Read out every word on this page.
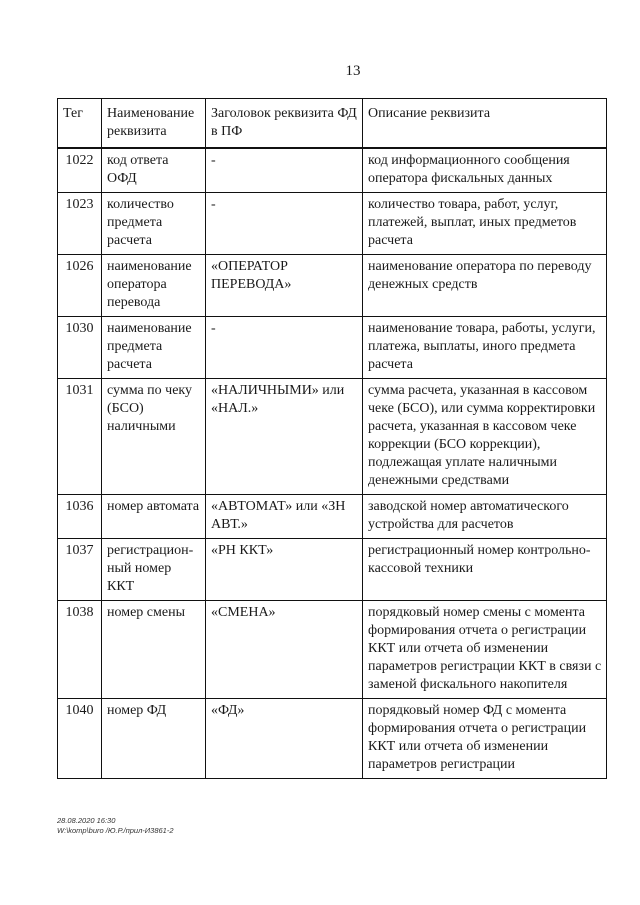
13
Тег	Наименование реквизита	Заголовок реквизита ФД в ПФ	Описание реквизита
1022	код ответа ОФД	-	код информационного сообщения оператора фискальных данных
1023	количество предмета расчета	-	количество товара, работ, услуг, платежей, выплат, иных предметов расчета
1026	наименование оператора перевода	«ОПЕРАТОР ПЕРЕВОДА»	наименование оператора по переводу денежных средств
1030	наименование предмета расчета	-	наименование товара, работы, услуги, платежа, выплаты, иного предмета расчета
1031	сумма по чеку (БСО) наличными	«НАЛИЧНЫМИ» или «НАЛ.»	сумма расчета, указанная в кассовом чеке (БСО), или сумма корректировки расчета, указанная в кассовом чеке коррекции (БСО коррекции), подлежащая уплате наличными денежными средствами
1036	номер автомата	«АВТОМАТ» или «ЗН АВТ.»	заводской номер автоматического устройства для расчетов
1037	регистрацион-ный номер ККТ	«РН ККТ»	регистрационный номер контрольно-кассовой техники
1038	номер смены	«СМЕНА»	порядковый номер смены с момента формирования отчета о регистрации ККТ или отчета об изменении параметров регистрации ККТ в связи с заменой фискального накопителя
1040	номер ФД	«ФД»	порядковый номер ФД с момента формирования отчета о регистрации ККТ или отчета об изменении параметров регистрации
28.08.2020 16:30
W:\komp\buro /Ю.Р./прил-И3861-2
